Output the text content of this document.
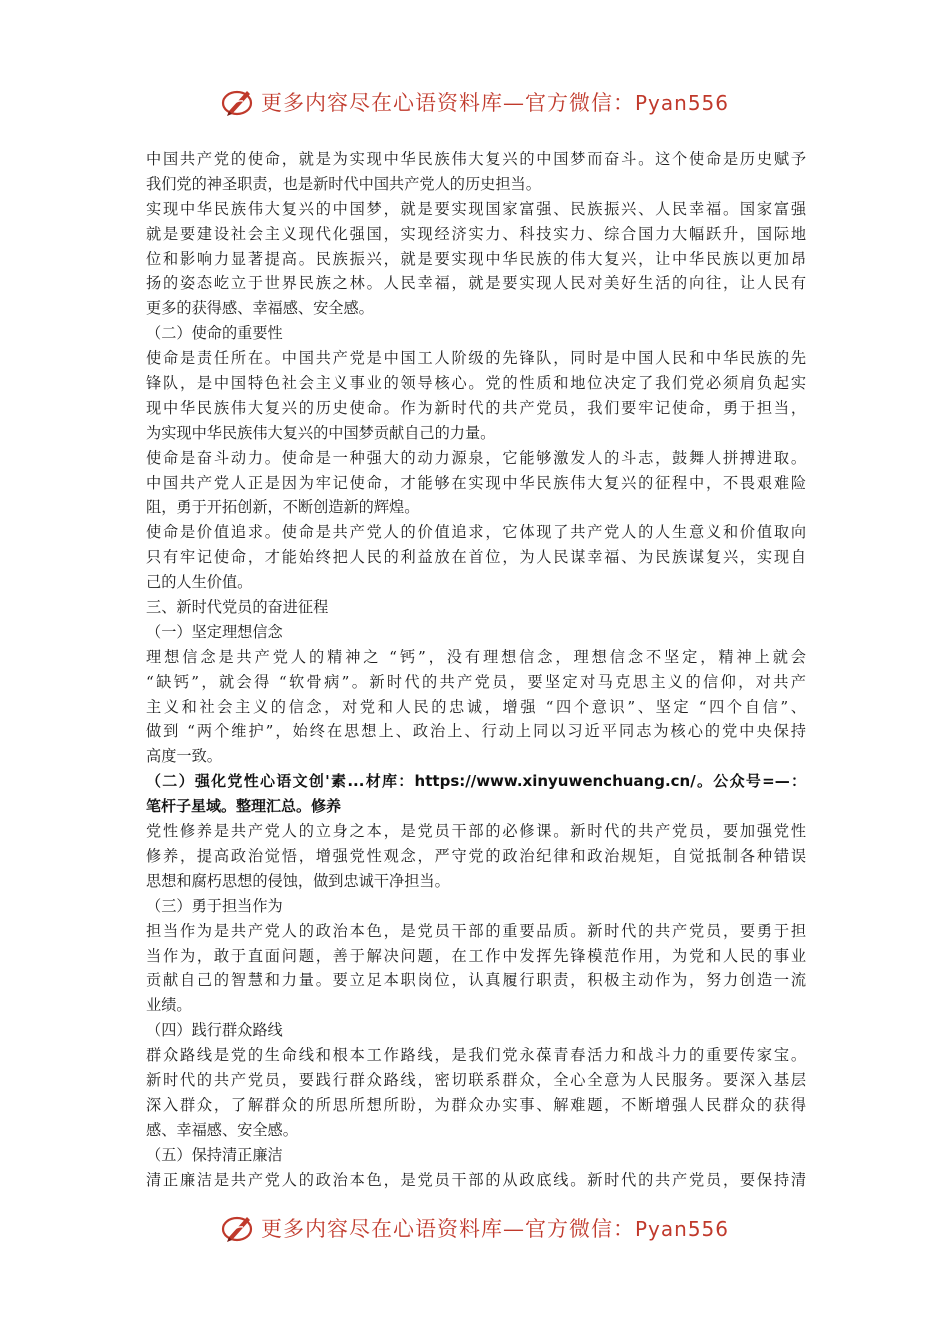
更多内容尽在心语资料库—官方微信：Pyan556
中国共产党的使命，就是为实现中华民族伟大复兴的中国梦而奋斗。这个使命是历史赋予
我们党的神圣职责，也是新时代中国共产党人的历史担当。
实现中华民族伟大复兴的中国梦，就是要实现国家富强、民族振兴、人民幸福。国家富强
就是要建设社会主义现代化强国，实现经济实力、科技实力、综合国力大幅跃升，国际地
位和影响力显著提高。民族振兴，就是要实现中华民族的伟大复兴，让中华民族以更加昂
扬的姿态屹立于世界民族之林。人民幸福，就是要实现人民对美好生活的向往，让人民有
更多的获得感、幸福感、安全感。
（二）使命的重要性
使命是责任所在。中国共产党是中国工人阶级的先锋队，同时是中国人民和中华民族的先
锋队，是中国特色社会主义事业的领导核心。党的性质和地位决定了我们党必须肩负起实
现中华民族伟大复兴的历史使命。作为新时代的共产党员，我们要牢记使命，勇于担当，
为实现中华民族伟大复兴的中国梦贡献自己的力量。
使命是奋斗动力。使命是一种强大的动力源泉，它能够激发人的斗志，鼓舞人拼搏进取。
中国共产党人正是因为牢记使命，才能够在实现中华民族伟大复兴的征程中，不畏艰难险
阻，勇于开拓创新，不断创造新的辉煌。
使命是价值追求。使命是共产党人的价值追求，它体现了共产党人的人生意义和价值取向
只有牢记使命，才能始终把人民的利益放在首位，为人民谋幸福、为民族谋复兴，实现自
己的人生价值。
三、新时代党员的奋进征程
（一）坚定理想信念
理想信念是共产党人的精神之 “钙”，没有理想信念，理想信念不坚定，精神上就会
“缺钙”，就会得 “软骨病”。新时代的共产党员，要坚定对马克思主义的信仰，对共产
主义和社会主义的信念，对党和人民的忠诚，增强 “四个意识”、坚定 “四个自信”、
做到 “两个维护”，始终在思想上、政治上、行动上同以习近平同志为核心的党中央保持
高度一致。
（二）强化党性心语文创'素...材库：https://www.xinyuwenchuang.cn/。公众号=—：
笔杆子星域。整理汇总。修养
党性修养是共产党人的立身之本，是党员干部的必修课。新时代的共产党员，要加强党性
修养，提高政治觉悟，增强党性观念，严守党的政治纪律和政治规矩，自觉抵制各种错误
思想和腐朽思想的侵蚀，做到忠诚干净担当。
（三）勇于担当作为
担当作为是共产党人的政治本色，是党员干部的重要品质。新时代的共产党员，要勇于担
当作为，敢于直面问题，善于解决问题，在工作中发挥先锋模范作用，为党和人民的事业
贡献自己的智慧和力量。要立足本职岗位，认真履行职责，积极主动作为，努力创造一流
业绩。
（四）践行群众路线
群众路线是党的生命线和根本工作路线，是我们党永葆青春活力和战斗力的重要传家宝。
新时代的共产党员，要践行群众路线，密切联系群众，全心全意为人民服务。要深入基层
深入群众，了解群众的所思所想所盼，为群众办实事、解难题，不断增强人民群众的获得
感、幸福感、安全感。
（五）保持清正廉洁
清正廉洁是共产党人的政治本色，是党员干部的从政底线。新时代的共产党员，要保持清
更多内容尽在心语资料库—官方微信：Pyan556
